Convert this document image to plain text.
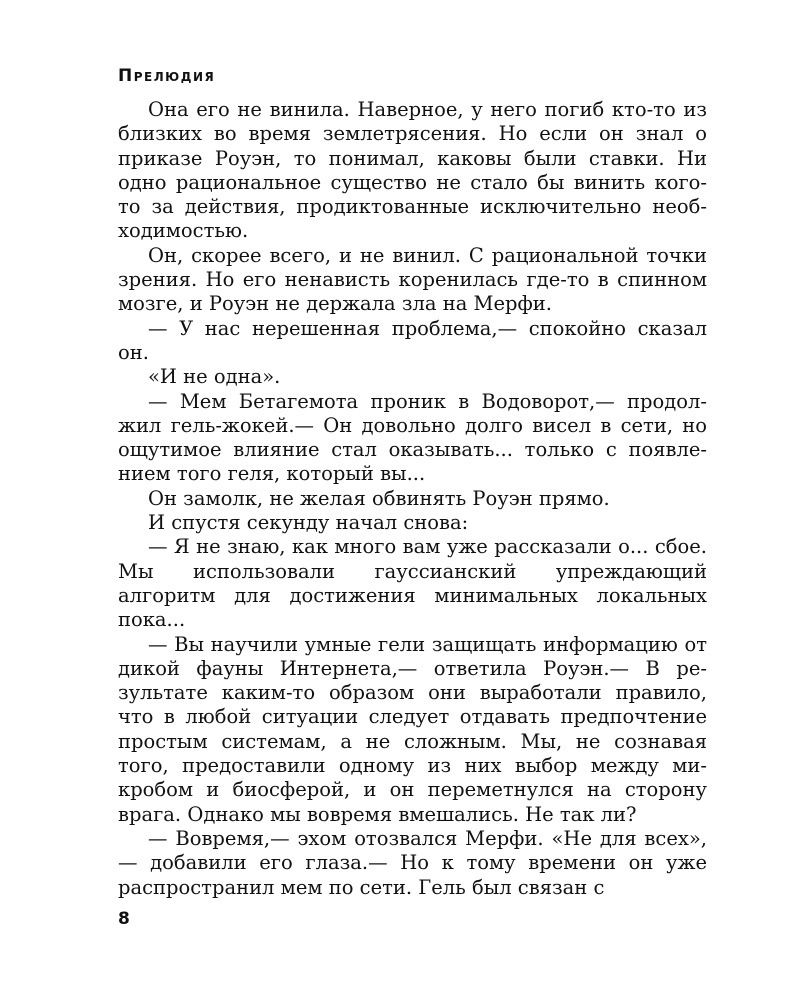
Прелюдия

Она его не винила. Наверное, у него погиб кто-то из близких во время землетрясения. Но если он знал о приказе Роуэн, то понимал, каковы были ставки. Ни одно рациональное существо не стало бы винить кого-то за действия, продиктованные исключительно необходимостью.

Он, скорее всего, и не винил. С рациональной точки зрения. Но его ненависть коренилась где-то в спинном мозге, и Роуэн не держала зла на Мерфи.

— У нас нерешенная проблема,— спокойно сказал он.

«И не одна».

— Мем Бетагемота проник в Водоворот,— продолжил гель-жокей.— Он довольно долго висел в сети, но ощутимое влияние стал оказывать... только с появлением того геля, который вы...

Он замолк, не желая обвинять Роуэн прямо.

И спустя секунду начал снова:

— Я не знаю, как много вам уже рассказали о... сбое. Мы использовали гауссианский упреждающий алгоритм для достижения минимальных локальных пока...

— Вы научили умные гели защищать информацию от дикой фауны Интернета,— ответила Роуэн.— В результате каким-то образом они выработали правило, что в любой ситуации следует отдавать предпочтение простым системам, а не сложным. Мы, не сознавая того, предоставили одному из них выбор между микробом и биосферой, и он переметнулся на сторону врага. Однако мы вовремя вмешались. Не так ли?

— Вовремя,— эхом отозвался Мерфи. «Не для всех»,— добавили его глаза.— Но к тому времени он уже распространил мем по сети. Гель был связан с

8
